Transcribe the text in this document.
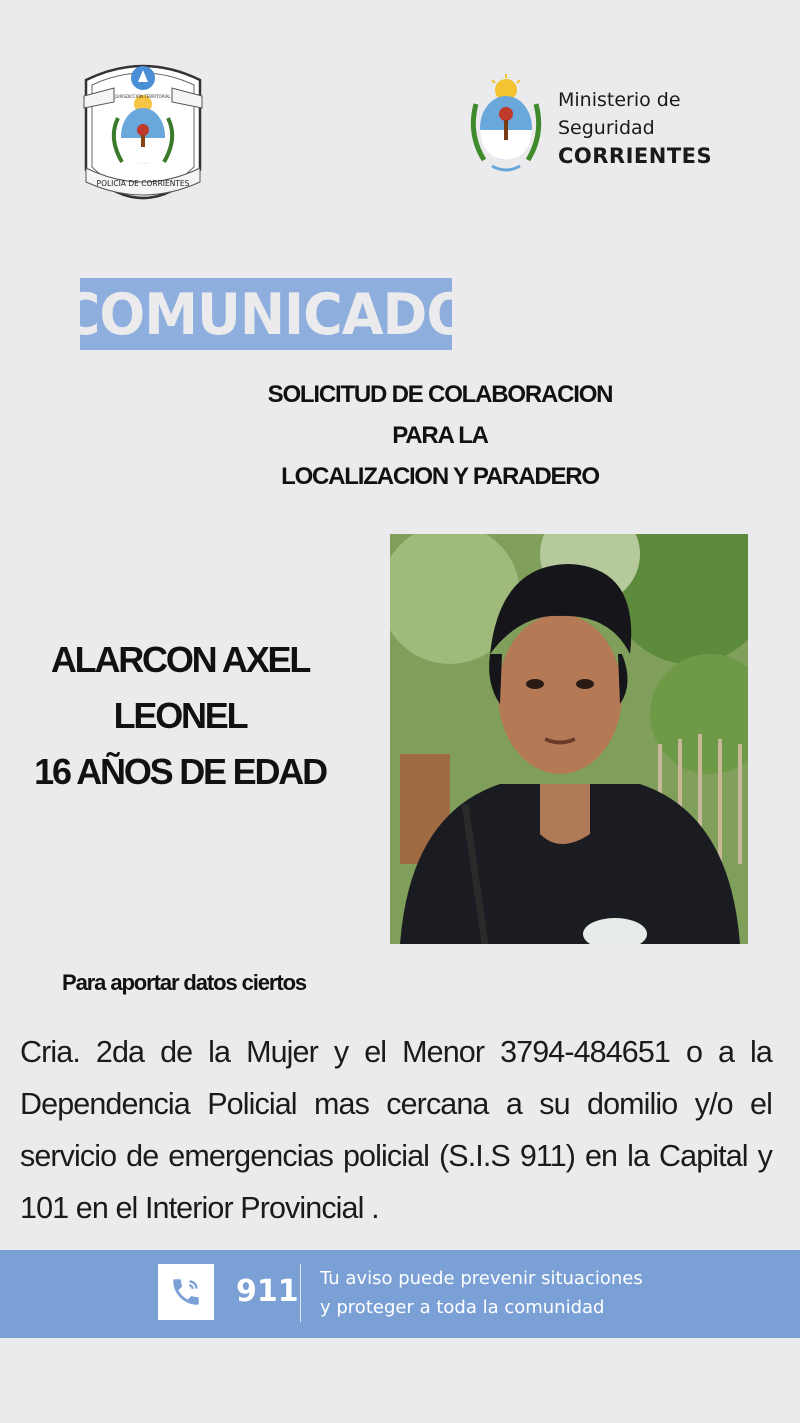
POLICIA DE CORRIENTES
JURISDICCION TERRITORIAL	Ministerio de
Seguridad
CORRIENTES
COMUNICADO
SOLICITUD DE COLABORACION
PARA LA
LOCALIZACION Y PARADERO
ALARCON AXEL
LEONEL
16 AÑOS DE EDAD
Para aportar datos ciertos
Cria. 2da de la Mujer y el Menor 3794-484651 o a la Dependencia Policial mas cercana a su domilio y/o el servicio de emergencias policial (S.I.S 911) en la Capital y 101 en el Interior Provincial .
911 Tu aviso puede prevenir situaciones
y proteger a toda la comunidad
